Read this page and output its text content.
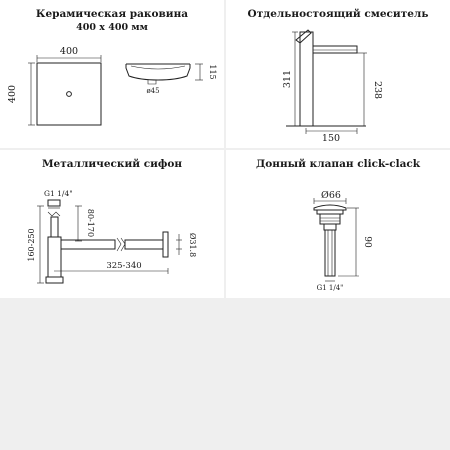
Керамическая раковина
400 x 400 мм
400
400	ø45
115
Отдельностоящий смеситель
311
238
150
Металлический сифон
G1 1/4"
80-170
160-250
325-340
Ø31.8
Донный клапан click-clack
Ø66
90
G1 1/4"
